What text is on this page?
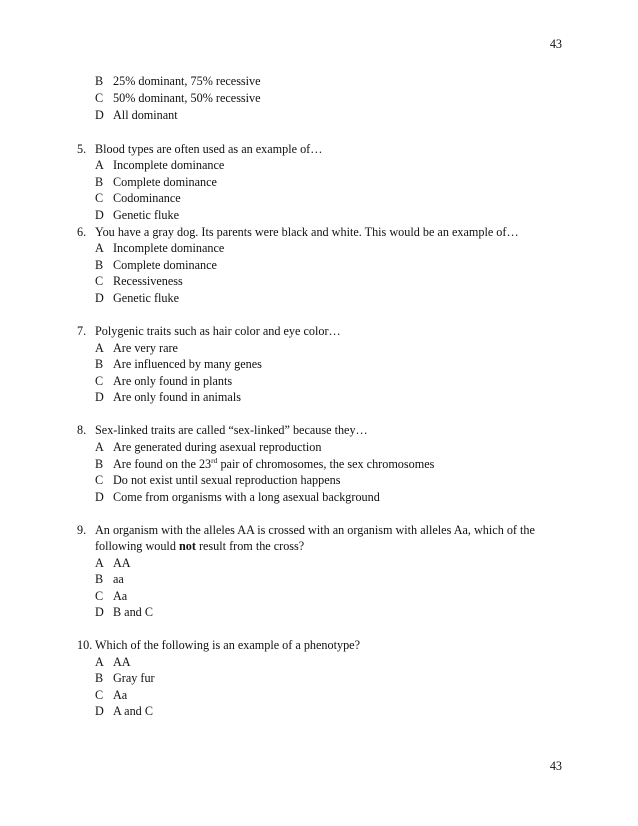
43
B 25% dominant, 75% recessive
C 50% dominant, 50% recessive
D All dominant
5. Blood types are often used as an example of…
A Incomplete dominance
B Complete dominance
C Codominance
D Genetic fluke
6. You have a gray dog. Its parents were black and white. This would be an example of…
A Incomplete dominance
B Complete dominance
C Recessiveness
D Genetic fluke
7. Polygenic traits such as hair color and eye color…
A Are very rare
B Are influenced by many genes
C Are only found in plants
D Are only found in animals
8. Sex-linked traits are called “sex-linked” because they…
A Are generated during asexual reproduction
B Are found on the 23rd pair of chromosomes, the sex chromosomes
C Do not exist until sexual reproduction happens
D Come from organisms with a long asexual background
9. An organism with the alleles AA is crossed with an organism with alleles Aa, which of the
following would not result from the cross?
A AA
B aa
C Aa
D B and C
10. Which of the following is an example of a phenotype?
A AA
B Gray fur
C Aa
D A and C
43
